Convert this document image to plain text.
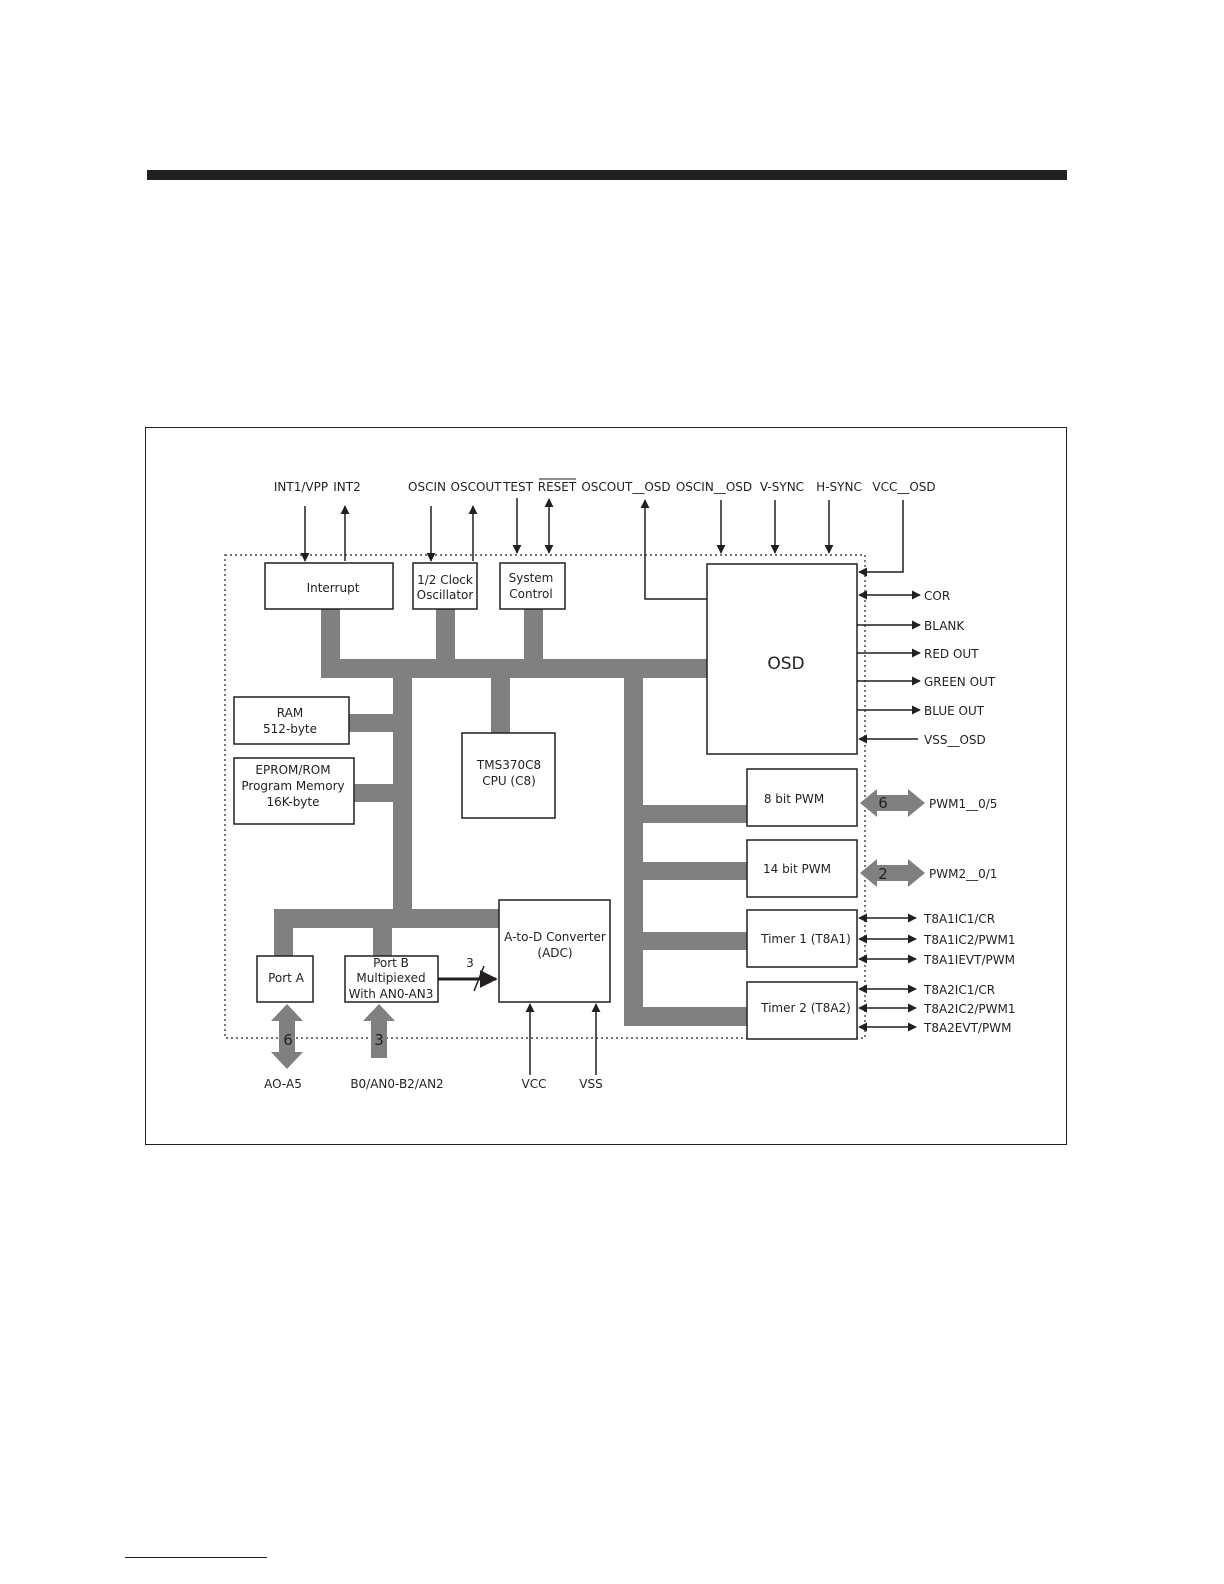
Interrupt
1/2 Clock
Oscillator
System
Control
OSD
RAM
512-byte
EPROM/ROM
Program Memory
16K-byte
TMS370C8
CPU (C8)
8 bit PWM
14 bit PWM
Timer 1 (T8A1)
Timer 2 (T8A2)
A-to-D Converter
(ADC)
Port A
Port B
Multipiexed
With AN0-AN3
INT1/VPP INT2	OSCIN OSCOUT TEST RESET OSCOUT__OSD OSCIN__OSD V-SYNC H-SYNC VCC__OSD
COR
BLANK
RED OUT
GREEN OUT
BLUE OUT
VSS__OSD
6
2
PWM1__0/5
PWM2__0/1
T8A1IC1/CR
T8A1IC2/PWM1
T8A1IEVT/PWM
T8A2IC1/CR
T8A2IC2/PWM1
T8A2EVT/PWM
3
6	3
AO-A5	B0/AN0-B2/AN2	VCC	VSS
